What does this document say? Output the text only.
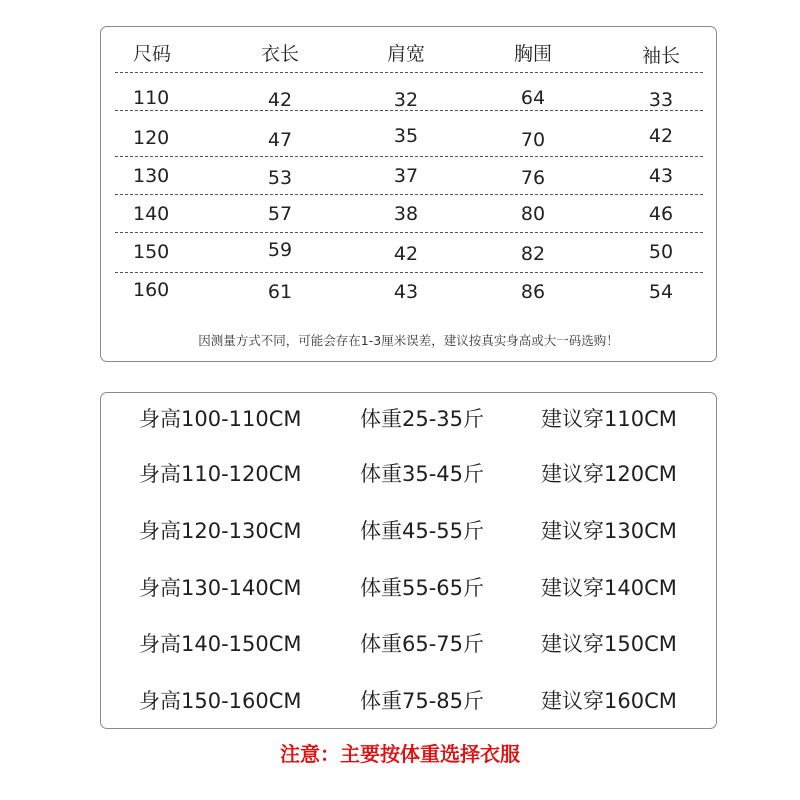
尺码	衣长	肩宽	胸围	袖长
110	42	32	64	33
120	47	35	70	42
130	53	37	76	43
140	57	38	80	46
150	59	42	82	50
160	61	43	86	54
因测量方式不同，可能会存在1-3厘米误差，建议按真实身高或大一码选购！
身高100-110CM	体重25-35斤	建议穿110CM
身高110-120CM	体重35-45斤	建议穿120CM
身高120-130CM	体重45-55斤	建议穿130CM
身高130-140CM	体重55-65斤	建议穿140CM
身高140-150CM	体重65-75斤	建议穿150CM
身高150-160CM	体重75-85斤	建议穿160CM
注意：主要按体重选择衣服
